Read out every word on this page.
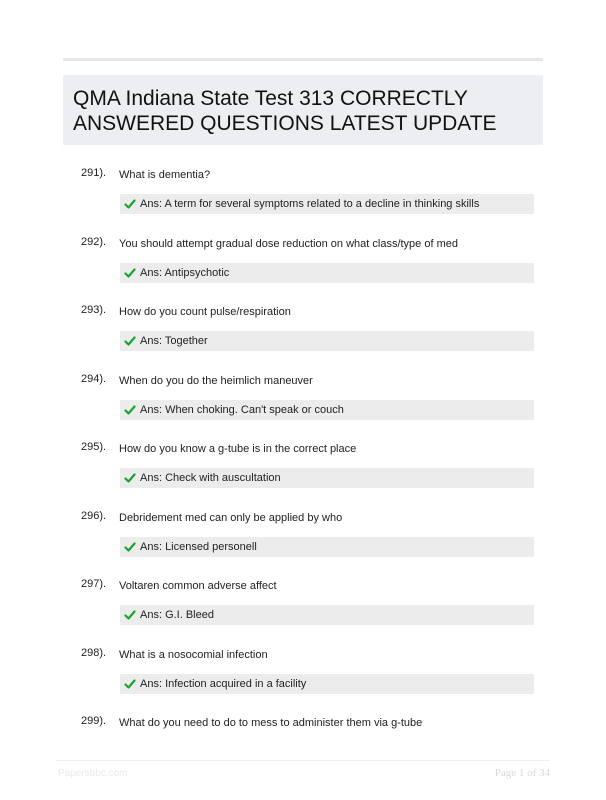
QMA Indiana State Test 313 CORRECTLY
ANSWERED QUESTIONS LATEST UPDATE
291). What is dementia?
Ans: A term for several symptoms related to a decline in thinking skills
292). You should attempt gradual dose reduction on what class/type of med
Ans: Antipsychotic
293). How do you count pulse/respiration
Ans: Together
294). When do you do the heimlich maneuver
Ans: When choking. Can't speak or couch
295). How do you know a g-tube is in the correct place
Ans: Check with auscultation
296). Debridement med can only be applied by who
Ans: Licensed personell
297). Voltaren common adverse affect
Ans: G.I. Bleed
298). What is a nosocomial infection
Ans: Infection acquired in a facility
299). What do you need to do to mess to administer them via g-tube
Papersbbc.com	Page 1 of 34
